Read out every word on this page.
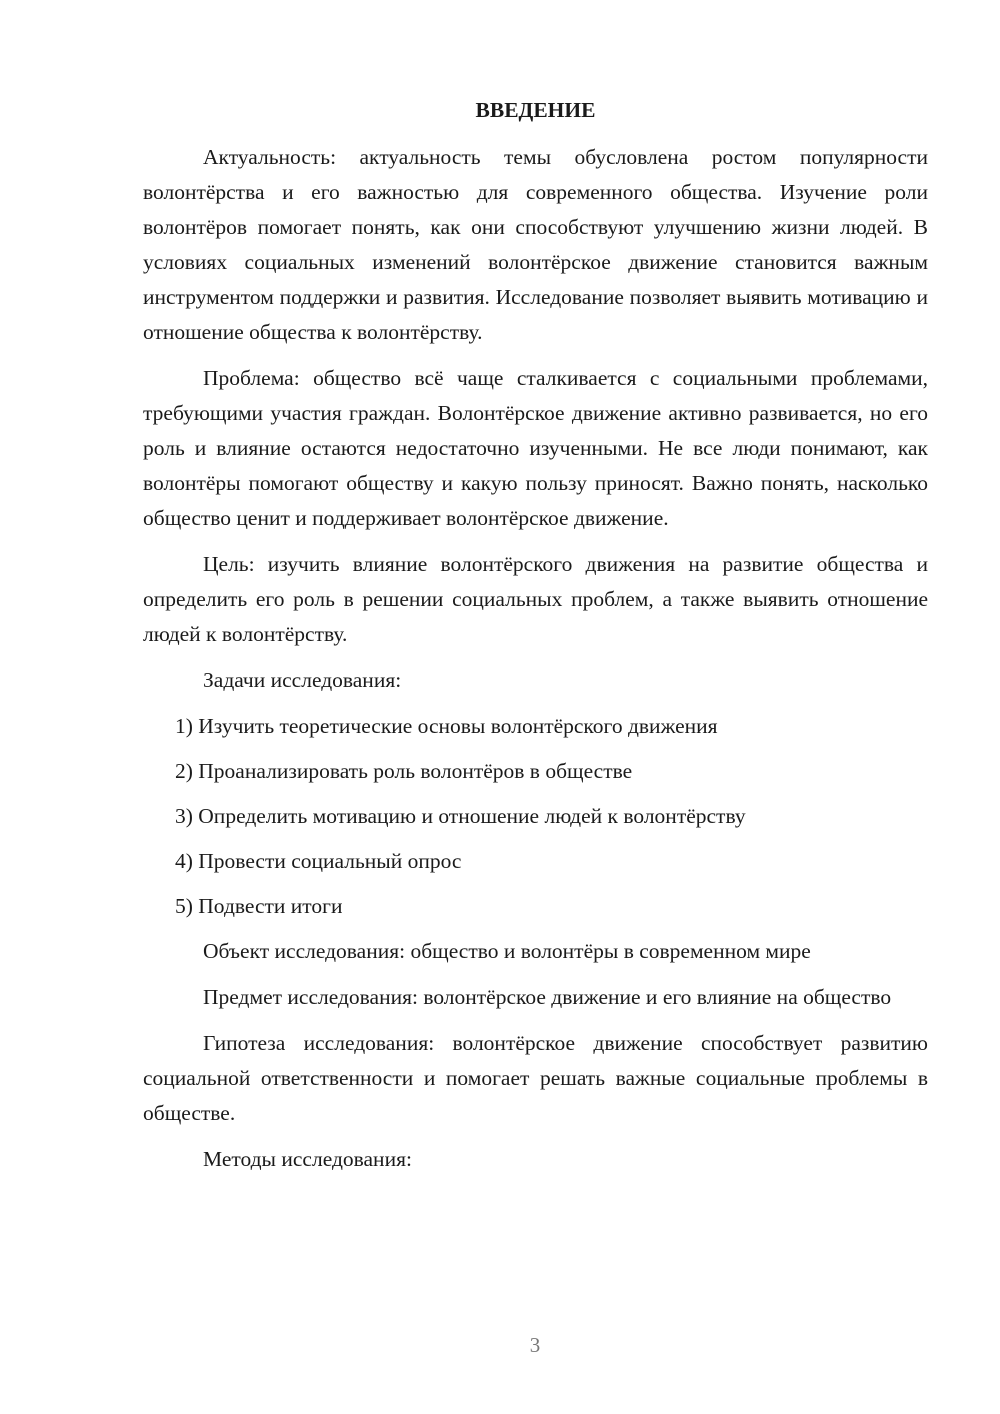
ВВЕДЕНИЕ
Актуальность: актуальность темы обусловлена ростом популярности волонтёрства и его важностью для современного общества. Изучение роли волонтёров помогает понять, как они способствуют улучшению жизни людей. В условиях социальных изменений волонтёрское движение становится важным инструментом поддержки и развития. Исследование позволяет выявить мотивацию и отношение общества к волонтёрству.
Проблема: общество всё чаще сталкивается с социальными проблемами, требующими участия граждан. Волонтёрское движение активно развивается, но его роль и влияние остаются недостаточно изученными. Не все люди понимают, как волонтёры помогают обществу и какую пользу приносят. Важно понять, насколько общество ценит и поддерживает волонтёрское движение.
Цель: изучить влияние волонтёрского движения на развитие общества и определить его роль в решении социальных проблем, а также выявить отношение людей к волонтёрству.
Задачи исследования:
1) Изучить теоретические основы волонтёрского движения
2) Проанализировать роль волонтёров в обществе
3) Определить мотивацию и отношение людей к волонтёрству
4) Провести социальный опрос
5) Подвести итоги
Объект исследования: общество и волонтёры в современном мире
Предмет исследования: волонтёрское движение и его влияние на общество
Гипотеза исследования: волонтёрское движение способствует развитию социальной ответственности и помогает решать важные социальные проблемы в обществе.
Методы исследования:
3
